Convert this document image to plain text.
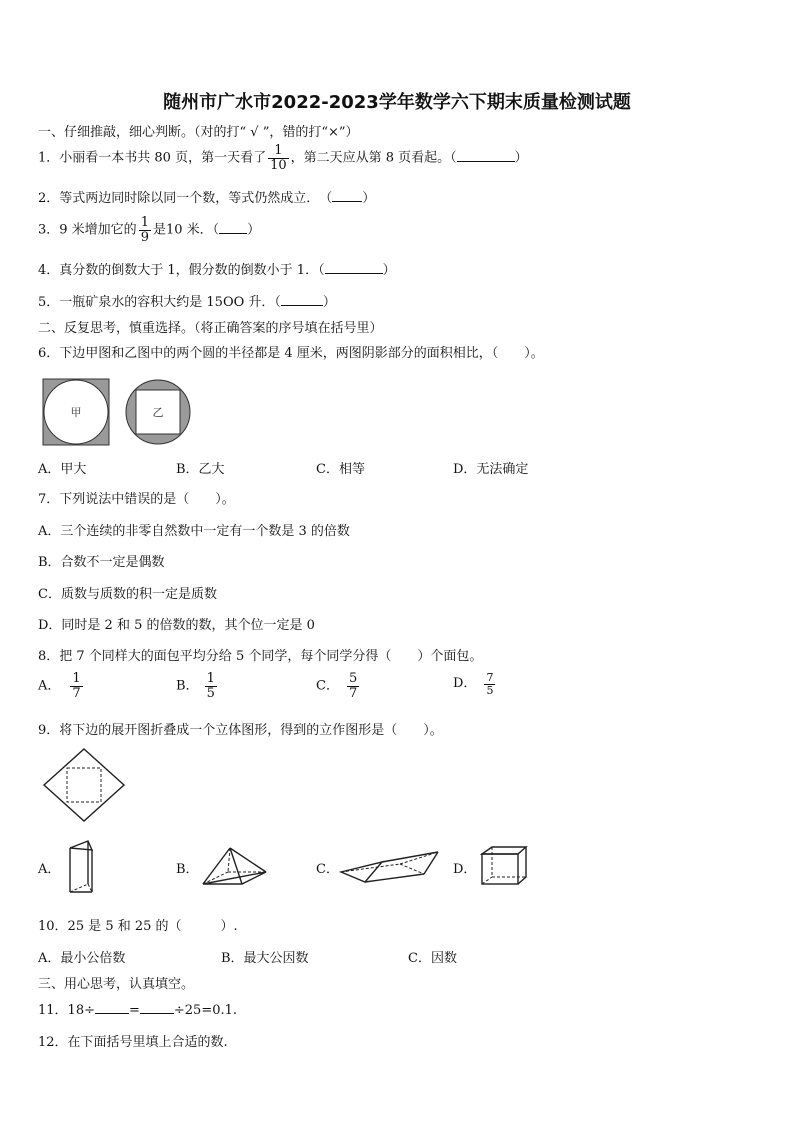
随州市广水市2022-2023学年数学六下期末质量检测试题
一、仔细推敲，细心判断。（对的打“ √ ”，错的打“×”）
1．小丽看一本书共 80 页，第一天看了 $\frac{1}{10}$ ，第二天应从第 8 页看起。（	）
2．等式两边同时除以同一个数，等式仍然成立．　（ ）
3．9 米增加它的 $\frac{1}{9}$ 是10 米．（ ）
4．真分数的倒数大于 1，假分数的倒数小于 1．（	）
5．一瓶矿泉水的容积大约是 15OO 升．（	）
二、反复思考，慎重选择。（将正确答案的序号填在括号里）
6．下边甲图和乙图中的两个圆的半径都是 4 厘米，两图阴影部分的面积相比，（　　）。
甲	乙
A．甲大	B．乙大	C．相等	D．无法确定
7．下列说法中错误的是（　　）。
A．三个连续的非零自然数中一定有一个数是 3 的倍数
B．合数不一定是偶数
C．质数与质数的积一定是质数
D．同时是 2 和 5 的倍数的数，其个位一定是 0
8．把 7 个同样大的面包平均分给 5 个同学，每个同学分得（　　）个面包。
A． $\frac{1}{7}$	B． $\frac{1}{5}$	C． $\frac{5}{7}$	D． $\frac{7}{5}$
9．将下边的展开图折叠成一个立体图形，得到的立作图形是（　　）。
A．	B．	C．	D．
10．25 是 5 和 25 的（　　　）.
A．最小公倍数	B．最大公因数	C．因数
三、用心思考，认真填空。
11．18÷	=	÷25=0.1.
12．在下面括号里填上合适的数.
